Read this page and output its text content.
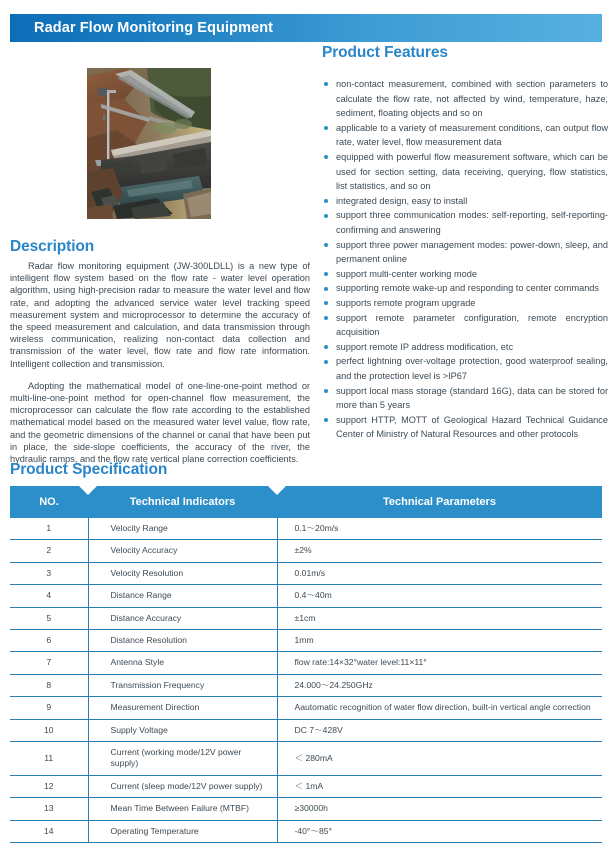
Radar Flow Monitoring Equipment
Description

Radar flow monitoring equipment (JW-300LDLL) is a new type of intelligent flow system based on the flow rate - water level operation algorithm, using high-precision radar to measure the water level and flow rate, and adopting the advanced service water level tracking speed measurement system and microprocessor to determine the accuracy of the speed measurement and calculation, and data transmission through wireless communication, realizing non-contact data collection and transmission of the water level, flow rate and flow rate information. Intelligent collection and transmission.

Adopting the mathematical model of one-line-one-point method or multi-line-one-point method for open-channel flow measurement, the microprocessor can calculate the flow rate according to the established mathematical model based on the measured water level value, flow rate, and the geometric dimensions of the channel or canal that have been put in place, the side-slope coefficients, the accuracy of the river, the hydraulic ramps, and the flow rate vertical plane correction coefficients.

Product Features
non-contact measurement, combined with section parameters to calculate the flow rate, not affected by wind, temperature, haze, sediment, floating objects and so on
applicable to a variety of measurement conditions, can output flow rate, water level, flow measurement data
equipped with powerful flow measurement software, which can be used for section setting, data receiving, querying, flow statistics, list statistics, and so on
integrated design, easy to install
support three communication modes: self-reporting, self-reporting-confirming and answering
support three power management modes: power-down, sleep, and permanent online
support multi-center working mode
supporting remote wake-up and responding to center commands
supports remote program upgrade
support remote parameter configuration, remote encryption acquisition
support remote IP address modification, etc
perfect lightning over-voltage protection, good waterproof sealing, and the protection level is >IP67
support local mass storage (standard 16G), data can be stored for more than 5 years
support HTTP, MOTT of Geological Hazard Technical Guidance Center of Ministry of Natural Resources and other protocols
Product Specification
NO.	Technical Indicators	Technical Parameters
1	Velocity Range	0.1～20m/s
2	Velocity Accuracy	±2%
3	Velocity Resolution	0.01m/s
4	Distance Range	0.4～40m
5	Distance Accuracy	±1cm
6	Distance Resolution	1mm
7	Antenna Style	flow rate:14×32°water level:11×11°
8	Transmission Frequency	24.000～24.250GHz
9	Measurement Direction	Aautomatic recognition of water flow direction, built-in vertical angle correction
10	Supply Voltage	DC 7～428V
11	Current (working mode/12V power supply)	＜ 280mA
12	Current (sleep mode/12V power supply)	＜ 1mA
13	Mean Time Between Failure (MTBF)	≥30000h
14	Operating Temperature	-40°～85°
